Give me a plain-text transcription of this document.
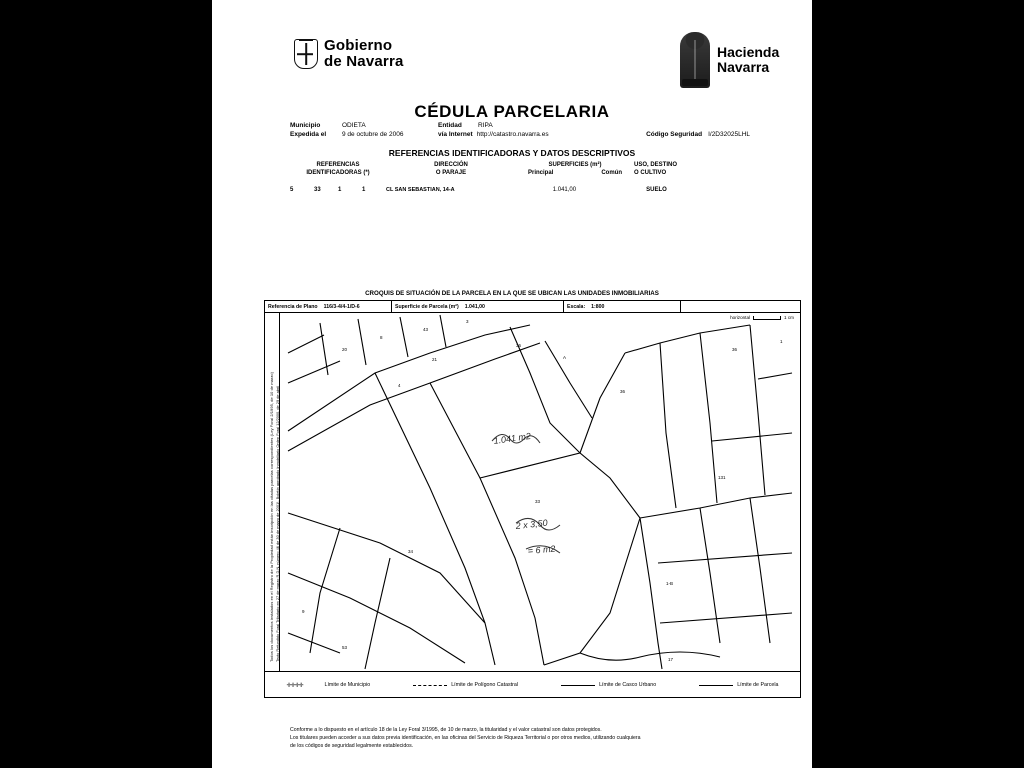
Gobierno
de Navarra
Hacienda
Navarra
CÉDULA PARCELARIA
Municipio	ODIETA	Entidad	RIPA
Expedida el	9 de octubre de 2006	vía Internet http://catastro.navarra.es	Código Seguridad I/2D32025LHL
REFERENCIAS IDENTIFICADORAS Y DATOS DESCRIPTIVOS
REFERENCIAS
IDENTIFICADORAS (*)
DIRECCIÓN
O PARAJE
SUPERFICIES (m²)
Principal	Común
USO, DESTINO
O CULTIVO
5	33	1	1	CL SAN SEBASTIAN, 14-A	1.041,00	SUELO
CROQUIS DE SITUACIÓN DE LA PARCELA EN LA QUE SE UBICAN LAS UNIDADES INMOBILIARIAS
Referencia de Plano 116/3-4/4-1/D-6	Superficie de Parcela (m²) 1.041,00	Escala: 1:800
horizontal	1 cm
Todos los documentos instalados en el Registro de la Propiedad están inscripción en las citadas parcelas correspondientes (Ley Foral 2/1995, de 10 de marzo) Texto Refundido Foral Tributario en 27 de marzo R.D.N. número 46 de 30 de marzo de 2001). Boletín aprobado Inmobiliario Orden Foral 12/2000, de 29 de abril
20
8
43
3
36
A
36
36
1
21
4
33
131
34
1-B
9
53
17
1.041 m2
2 x 3,50
= 6 m2
✛✛✛✛	Límite de Municipio	Límite de Polígono Catastral	Límite de Casco Urbano	Límite de Parcela
Conforme a lo dispuesto en el artículo 18 de la Ley Foral 3/1995, de 10 de marzo, la titularidad y el valor catastral son datos protegidos.
Los titulares pueden acceder a sus datos previa identificación, en las oficinas del Servicio de Riqueza Territorial o por otros medios, utilizando cualquiera
de los códigos de seguridad legalmente establecidos.
